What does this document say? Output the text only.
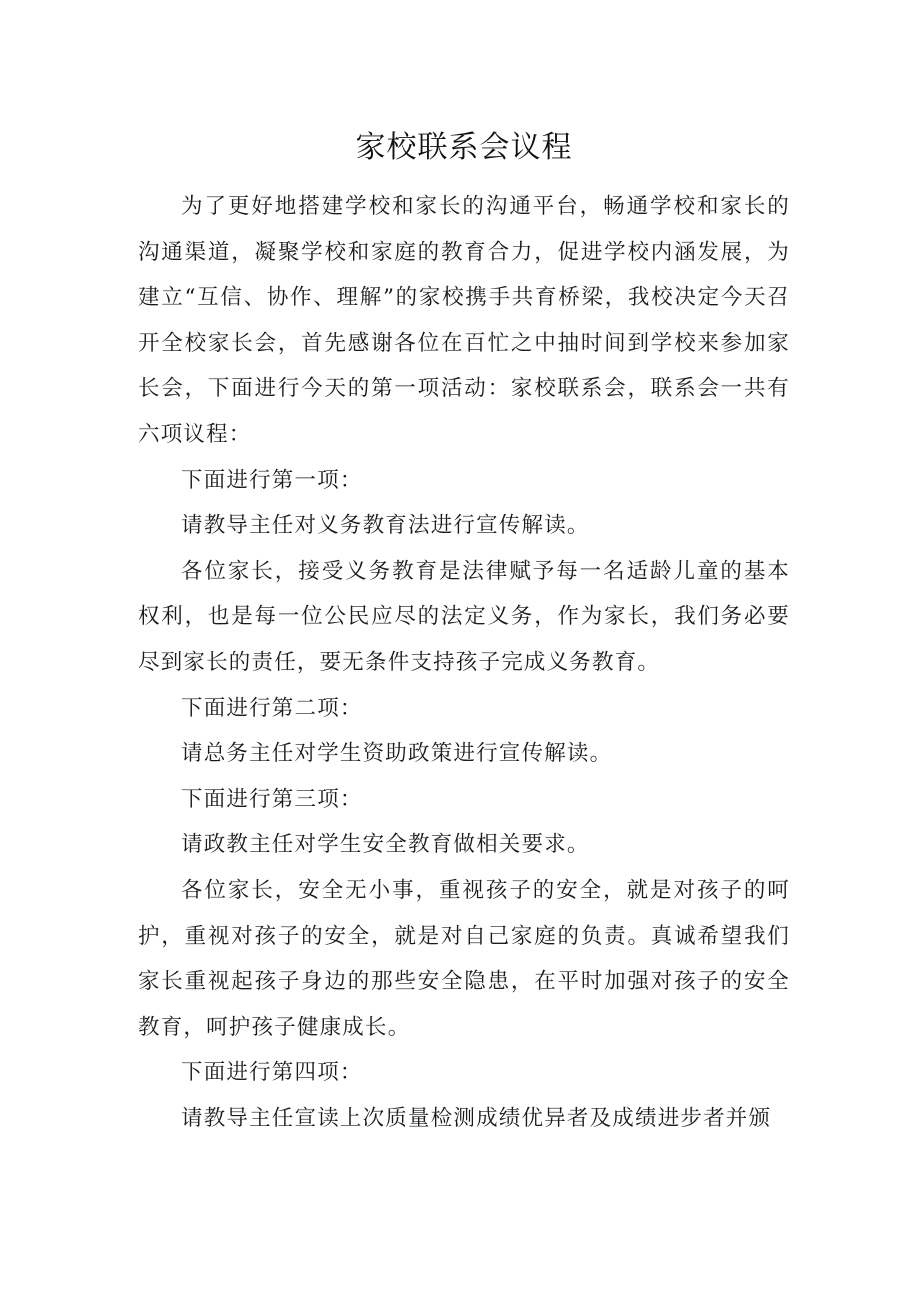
家校联系会议程

为了更好地搭建学校和家长的沟通平台，畅通学校和家长的沟通渠道，凝聚学校和家庭的教育合力，促进学校内涵发展，为建立“互信、协作、理解”的家校携手共育桥梁，我校决定今天召开全校家长会，首先感谢各位在百忙之中抽时间到学校来参加家长会，下面进行今天的第一项活动：家校联系会，联系会一共有六项议程：

下面进行第一项：

请教导主任对义务教育法进行宣传解读。

各位家长，接受义务教育是法律赋予每一名适龄儿童的基本权利，也是每一位公民应尽的法定义务，作为家长，我们务必要尽到家长的责任，要无条件支持孩子完成义务教育。

下面进行第二项：

请总务主任对学生资助政策进行宣传解读。

下面进行第三项：

请政教主任对学生安全教育做相关要求。

各位家长，安全无小事，重视孩子的安全，就是对孩子的呵护，重视对孩子的安全，就是对自己家庭的负责。真诚希望我们家长重视起孩子身边的那些安全隐患，在平时加强对孩子的安全教育，呵护孩子健康成长。

下面进行第四项：

请教导主任宣读上次质量检测成绩优异者及成绩进步者并颁
